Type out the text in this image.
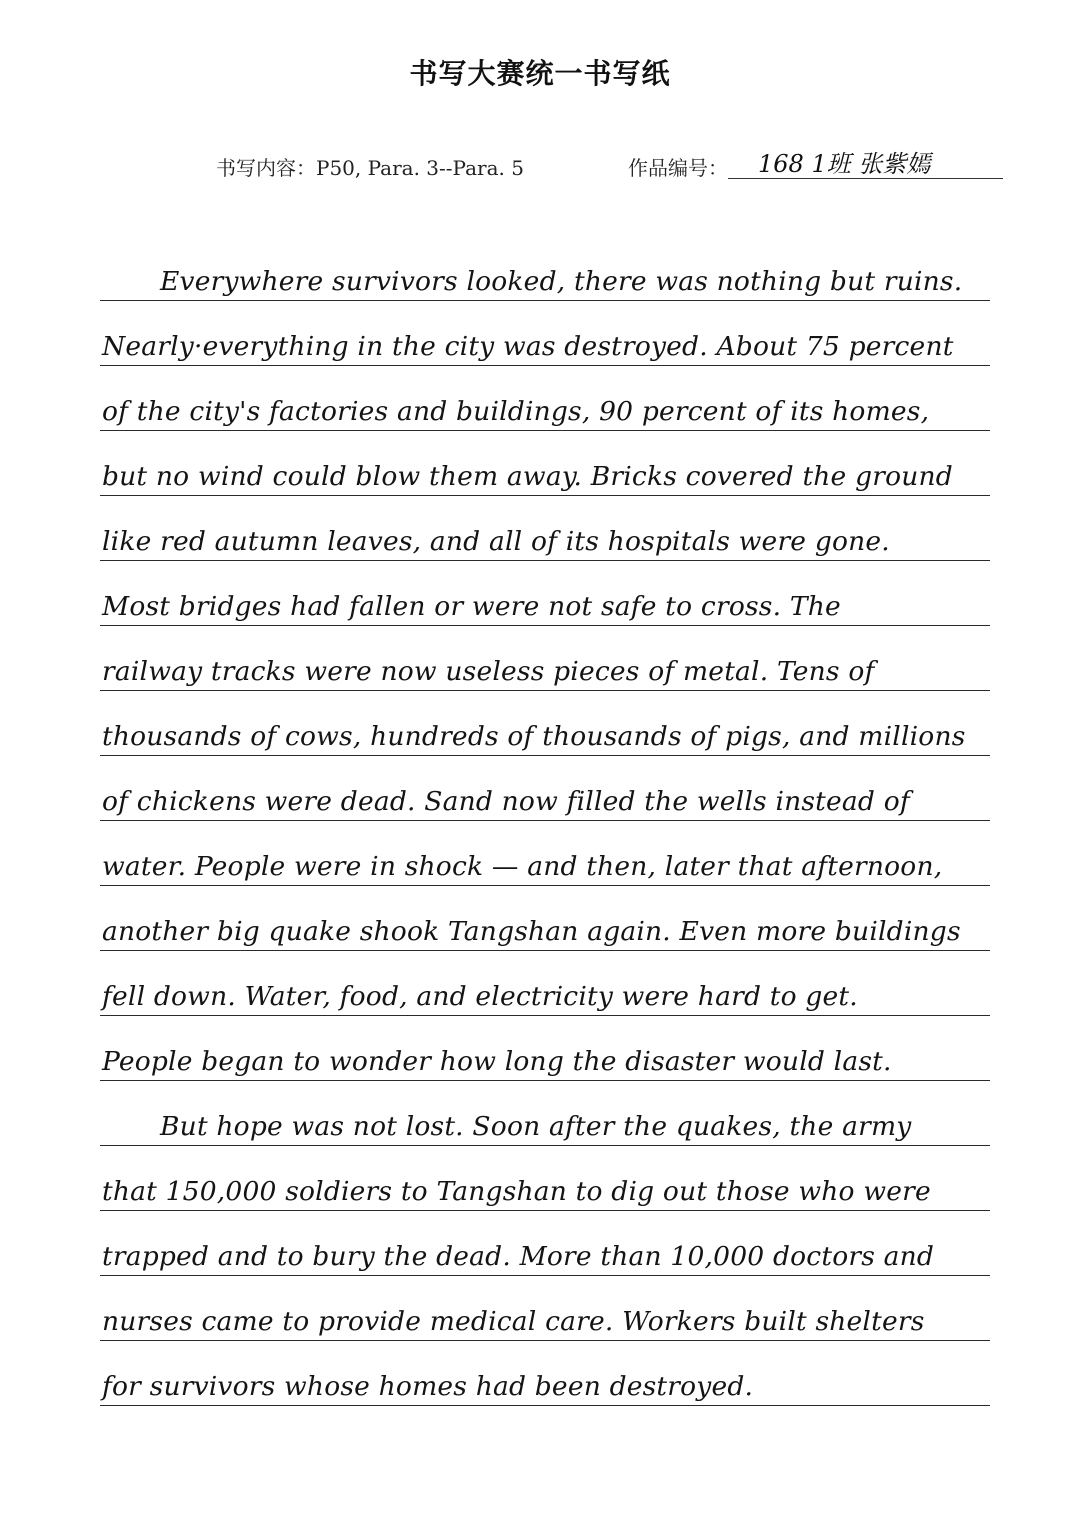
书写大赛统一书写纸
书写内容：P50, Para. 3--Para. 5	作品编号： 168 1班 张紫嫣
Everywhere survivors looked, there was nothing but ruins.
Nearly·everything in the city was destroyed. About 75 percent
of the city's factories and buildings, 90 percent of its homes,
but no wind could blow them away. Bricks covered the ground
like red autumn leaves, and all of its hospitals were gone.
Most bridges had fallen or were not safe to cross. The
railway tracks were now useless pieces of metal. Tens of
thousands of cows, hundreds of thousands of pigs, and millions
of chickens were dead. Sand now filled the wells instead of
water. People were in shock — and then, later that afternoon,
another big quake shook Tangshan again. Even more buildings
fell down. Water, food, and electricity were hard to get.
People began to wonder how long the disaster would last.
But hope was not lost. Soon after the quakes, the army
that 150,000 soldiers to Tangshan to dig out those who were
trapped and to bury the dead. More than 10,000 doctors and
nurses came to provide medical care. Workers built shelters
for survivors whose homes had been destroyed.
